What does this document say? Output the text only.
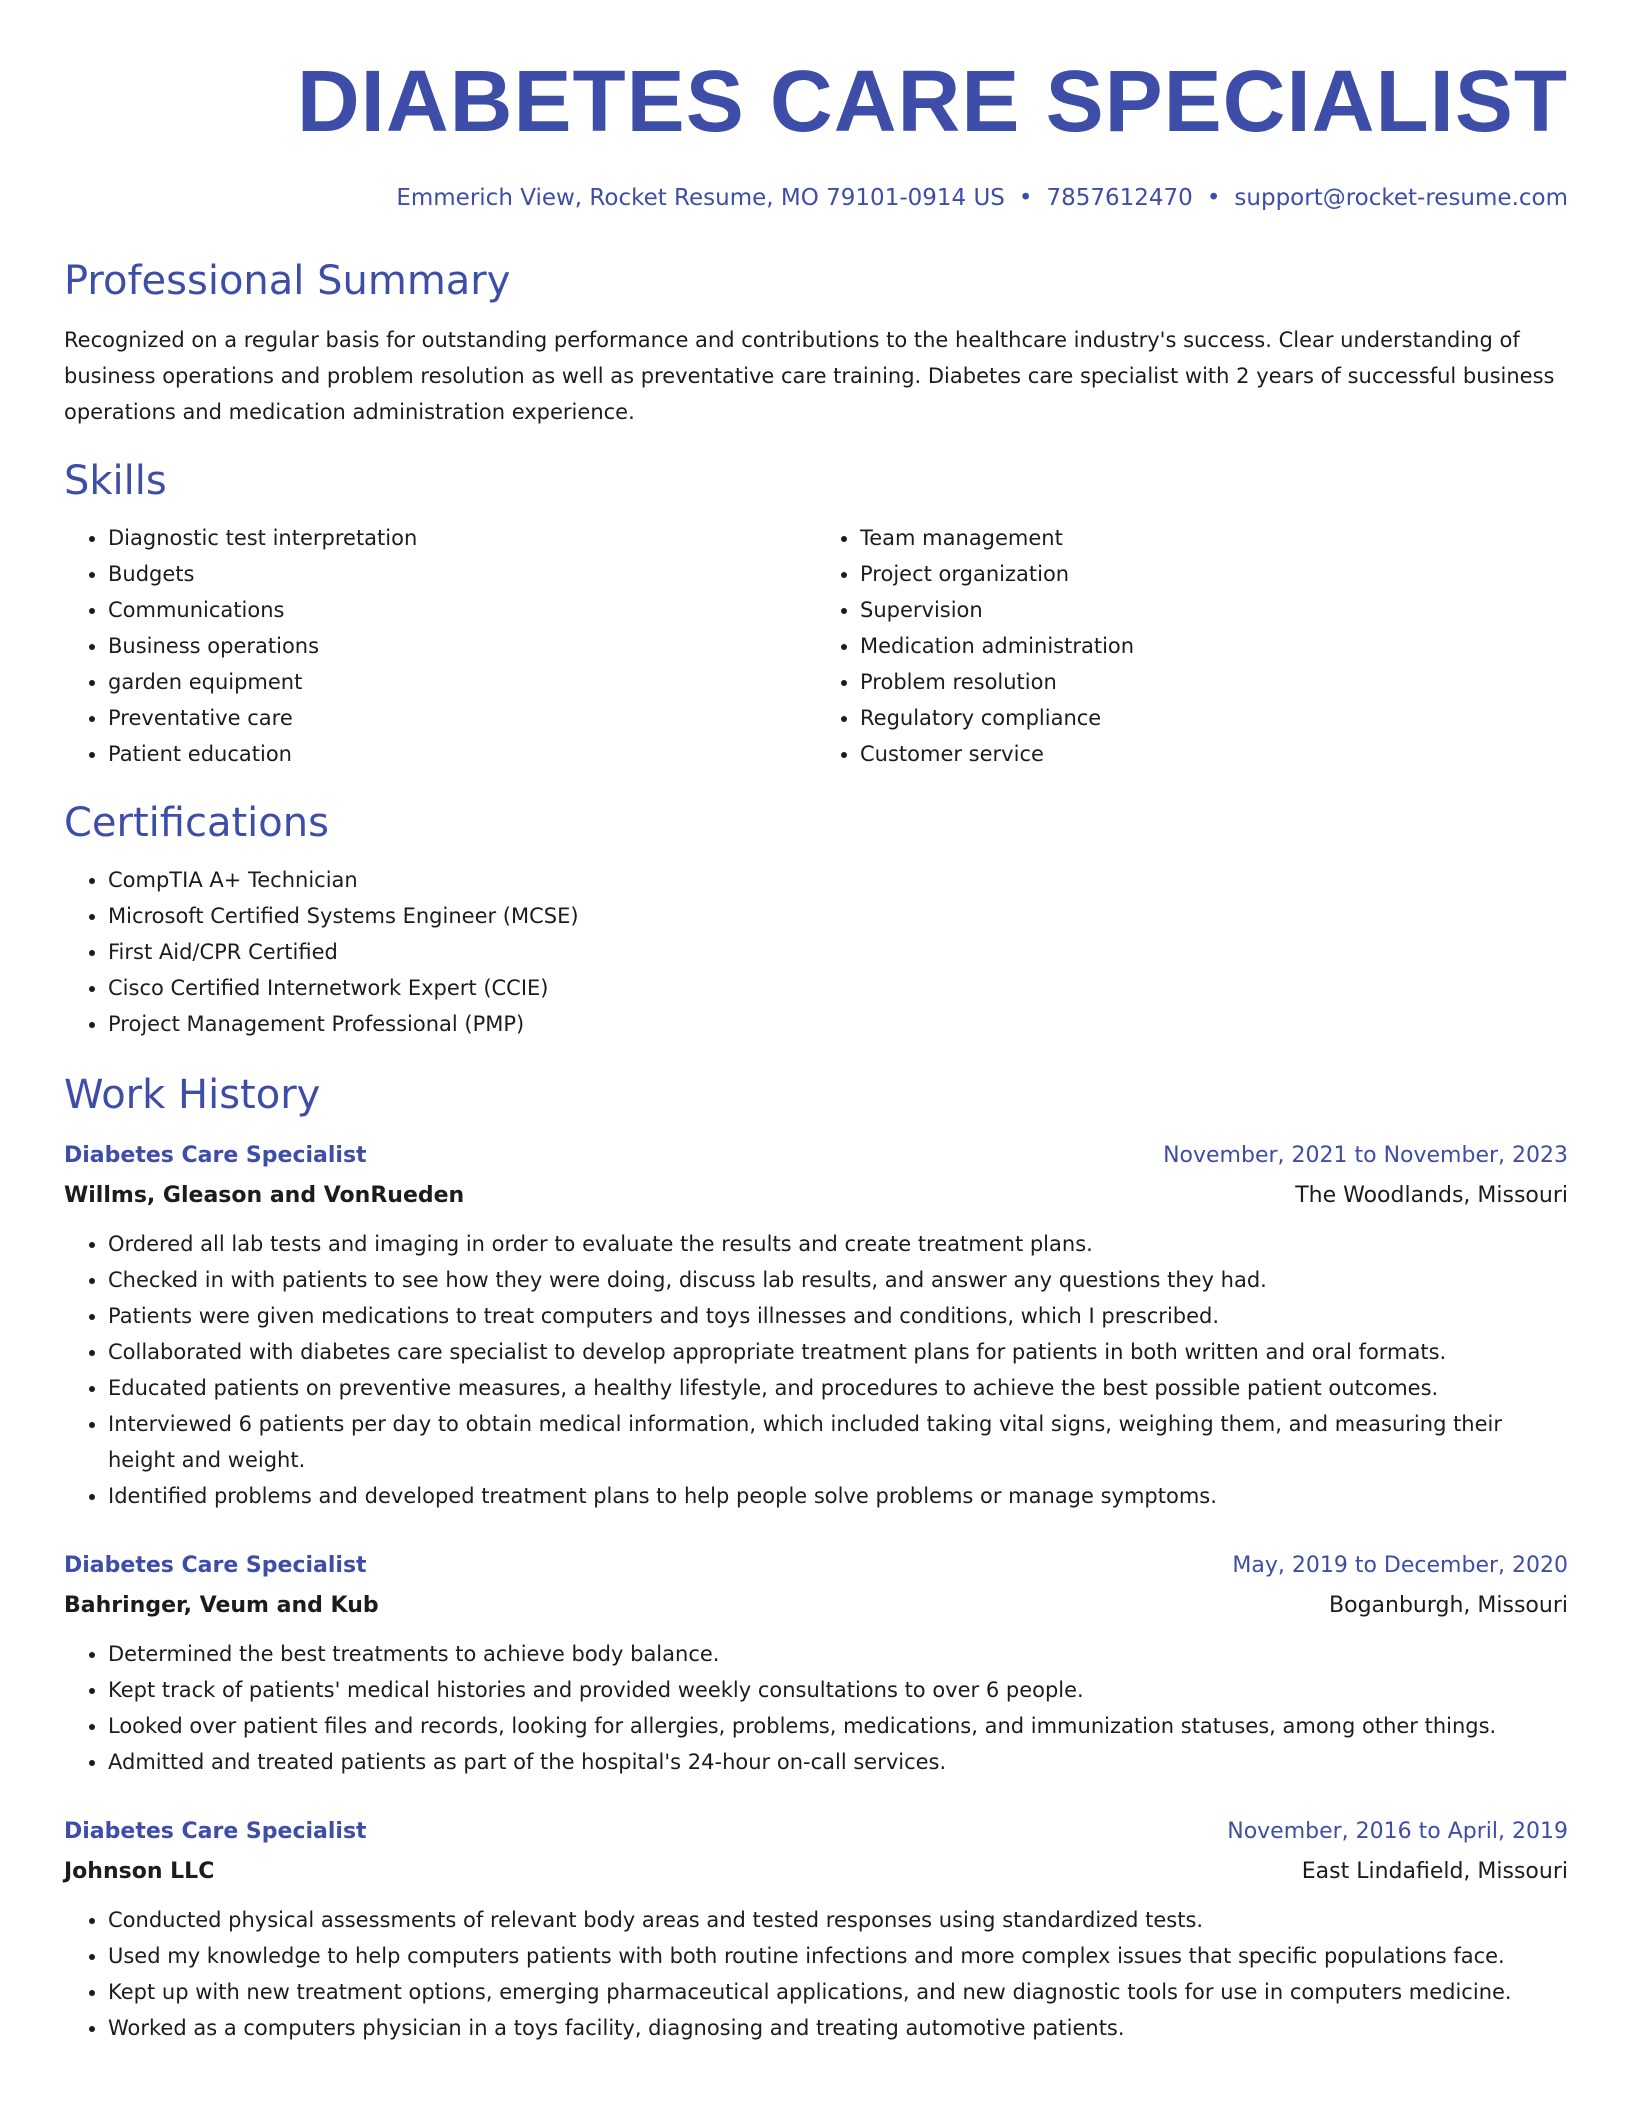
DIABETES CARE SPECIALIST
Emmerich View, Rocket Resume, MO 79101-0914 US • 7857612470 • support@rocket-resume.com
Professional Summary

Recognized on a regular basis for outstanding performance and contributions to the healthcare industry's success. Clear understanding of business operations and problem resolution as well as preventative care training. Diabetes care specialist with 2 years of successful business operations and medication administration experience.

Skills
• Diagnostic test interpretation
• Budgets
• Communications
• Business operations
• garden equipment
• Preventative care
• Patient education
• Team management
• Project organization
• Supervision
• Medication administration
• Problem resolution
• Regulatory compliance
• Customer service
Certifications
• CompTIA A+ Technician
• Microsoft Certified Systems Engineer (MCSE)
• First Aid/CPR Certified
• Cisco Certified Internetwork Expert (CCIE)
• Project Management Professional (PMP)
Work History
Diabetes Care Specialist	November, 2021 to November, 2023
Willms, Gleason and VonRueden	The Woodlands, Missouri
• Ordered all lab tests and imaging in order to evaluate the results and create treatment plans.
• Checked in with patients to see how they were doing, discuss lab results, and answer any questions they had.
• Patients were given medications to treat computers and toys illnesses and conditions, which I prescribed.
• Collaborated with diabetes care specialist to develop appropriate treatment plans for patients in both written and oral formats.
• Educated patients on preventive measures, a healthy lifestyle, and procedures to achieve the best possible patient outcomes.
• Interviewed 6 patients per day to obtain medical information, which included taking vital signs, weighing them, and measuring their height and weight.
• Identified problems and developed treatment plans to help people solve problems or manage symptoms.
Diabetes Care Specialist	May, 2019 to December, 2020
Bahringer, Veum and Kub	Boganburgh, Missouri
• Determined the best treatments to achieve body balance.
• Kept track of patients' medical histories and provided weekly consultations to over 6 people.
• Looked over patient files and records, looking for allergies, problems, medications, and immunization statuses, among other things.
• Admitted and treated patients as part of the hospital's 24-hour on-call services.
Diabetes Care Specialist	November, 2016 to April, 2019
Johnson LLC	East Lindafield, Missouri
• Conducted physical assessments of relevant body areas and tested responses using standardized tests.
• Used my knowledge to help computers patients with both routine infections and more complex issues that specific populations face.
• Kept up with new treatment options, emerging pharmaceutical applications, and new diagnostic tools for use in computers medicine.
• Worked as a computers physician in a toys facility, diagnosing and treating automotive patients.
